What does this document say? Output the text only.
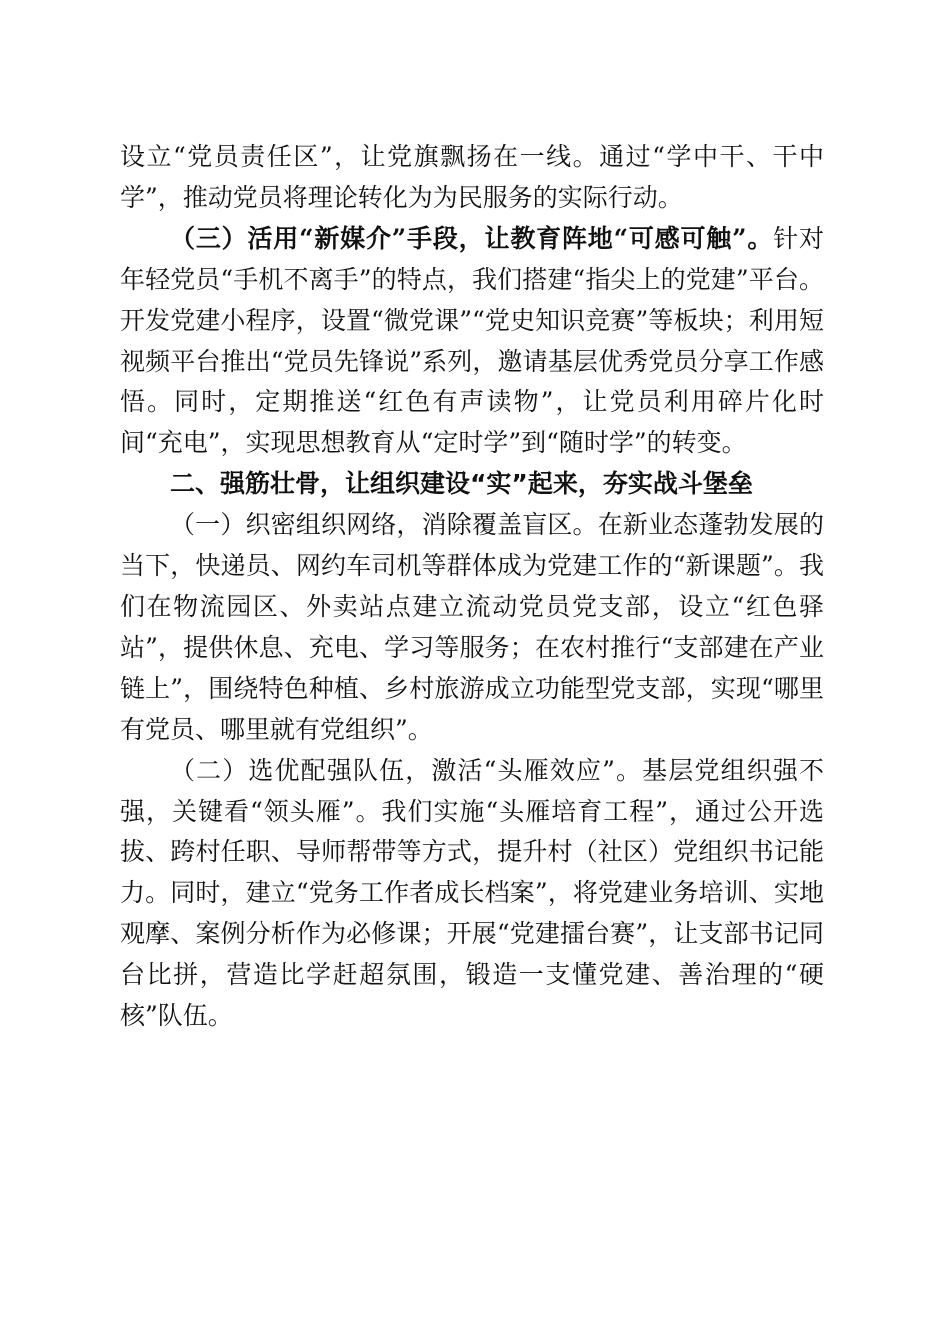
设立“党员责任区”，让党旗飘扬在一线。通过“学中干、干中学”，推动党员将理论转化为为民服务的实际行动。

（三）活用“新媒介”手段，让教育阵地“可感可触”。针对年轻党员“手机不离手”的特点，我们搭建“指尖上的党建”平台。开发党建小程序，设置“微党课”“党史知识竞赛”等板块；利用短视频平台推出“党员先锋说”系列，邀请基层优秀党员分享工作感悟。同时，定期推送“红色有声读物”，让党员利用碎片化时间“充电”，实现思想教育从“定时学”到“随时学”的转变。

二、强筋壮骨，让组织建设“实”起来，夯实战斗堡垒

（一）织密组织网络，消除覆盖盲区。在新业态蓬勃发展的当下，快递员、网约车司机等群体成为党建工作的“新课题”。我们在物流园区、外卖站点建立流动党员党支部，设立“红色驿站”，提供休息、充电、学习等服务；在农村推行“支部建在产业链上”，围绕特色种植、乡村旅游成立功能型党支部，实现“哪里有党员、哪里就有党组织”。

（二）选优配强队伍，激活“头雁效应”。基层党组织强不强，关键看“领头雁”。我们实施“头雁培育工程”，通过公开选拔、跨村任职、导师帮带等方式，提升村（社区）党组织书记能力。同时，建立“党务工作者成长档案”，将党建业务培训、实地观摩、案例分析作为必修课；开展“党建擂台赛”，让支部书记同台比拼，营造比学赶超氛围，锻造一支懂党建、善治理的“硬核”队伍。
